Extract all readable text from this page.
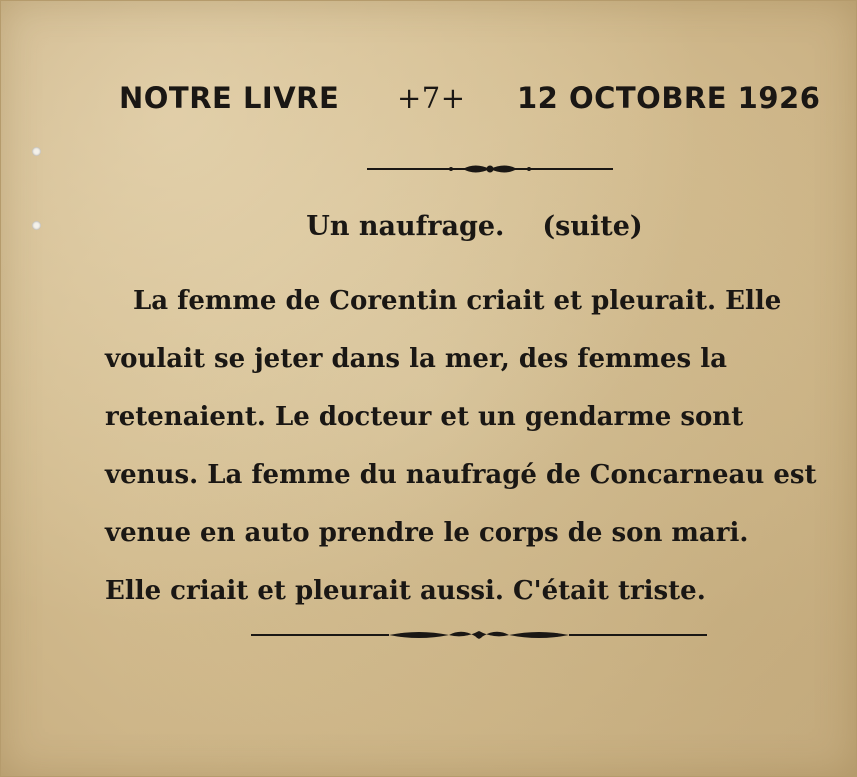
NOTRE LIVRE +7+ 12 OCTOBRE 1926
Un naufrage. (suite)
La femme de Corentin criait et pleurait. Elle
voulait se jeter dans la mer, des femmes la
retenaient. Le docteur et un gendarme sont
venus. La femme du naufragé de Concarneau est
venue en auto prendre le corps de son mari.
Elle criait et pleurait aussi. C'était triste.
